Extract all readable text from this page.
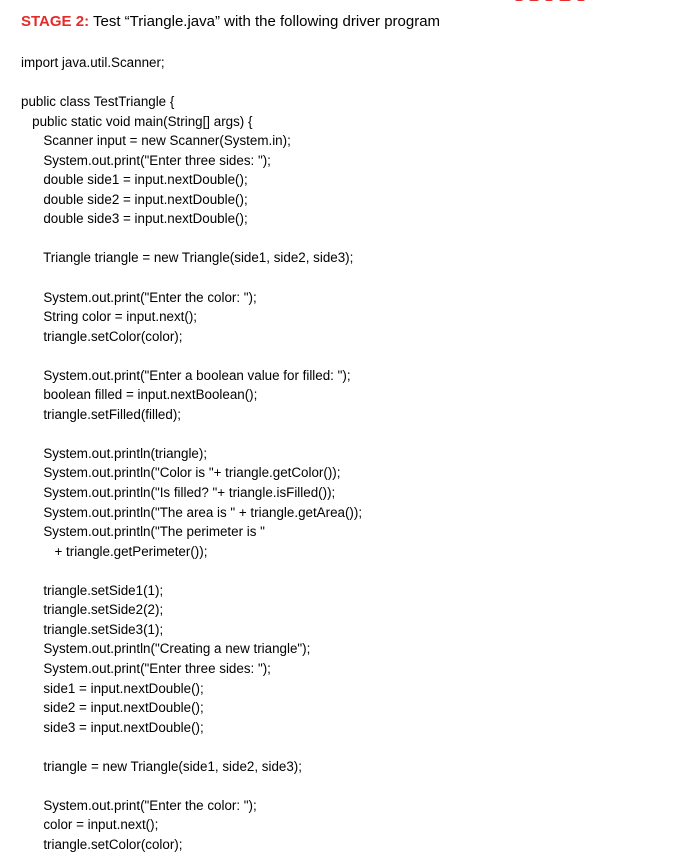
STAGE 2: Test “Triangle.java” with the following driver program
import java.util.Scanner;
public class TestTriangle {
public static void main(String[] args) {
Scanner input = new Scanner(System.in);
System.out.print("Enter three sides: ");
double side1 = input.nextDouble();
double side2 = input.nextDouble();
double side3 = input.nextDouble();
Triangle triangle = new Triangle(side1, side2, side3);
System.out.print("Enter the color: ");
String color = input.next();
triangle.setColor(color);
System.out.print("Enter a boolean value for filled: ");
boolean filled = input.nextBoolean();
triangle.setFilled(filled);
System.out.println(triangle);
System.out.println("Color is "+ triangle.getColor());
System.out.println("Is filled? "+ triangle.isFilled());
System.out.println("The area is " + triangle.getArea());
System.out.println("The perimeter is "
+ triangle.getPerimeter());
triangle.setSide1(1);
triangle.setSide2(2);
triangle.setSide3(1);
System.out.println("Creating a new triangle");
System.out.print("Enter three sides: ");
side1 = input.nextDouble();
side2 = input.nextDouble();
side3 = input.nextDouble();
triangle = new Triangle(side1, side2, side3);
System.out.print("Enter the color: ");
color = input.next();
triangle.setColor(color);
